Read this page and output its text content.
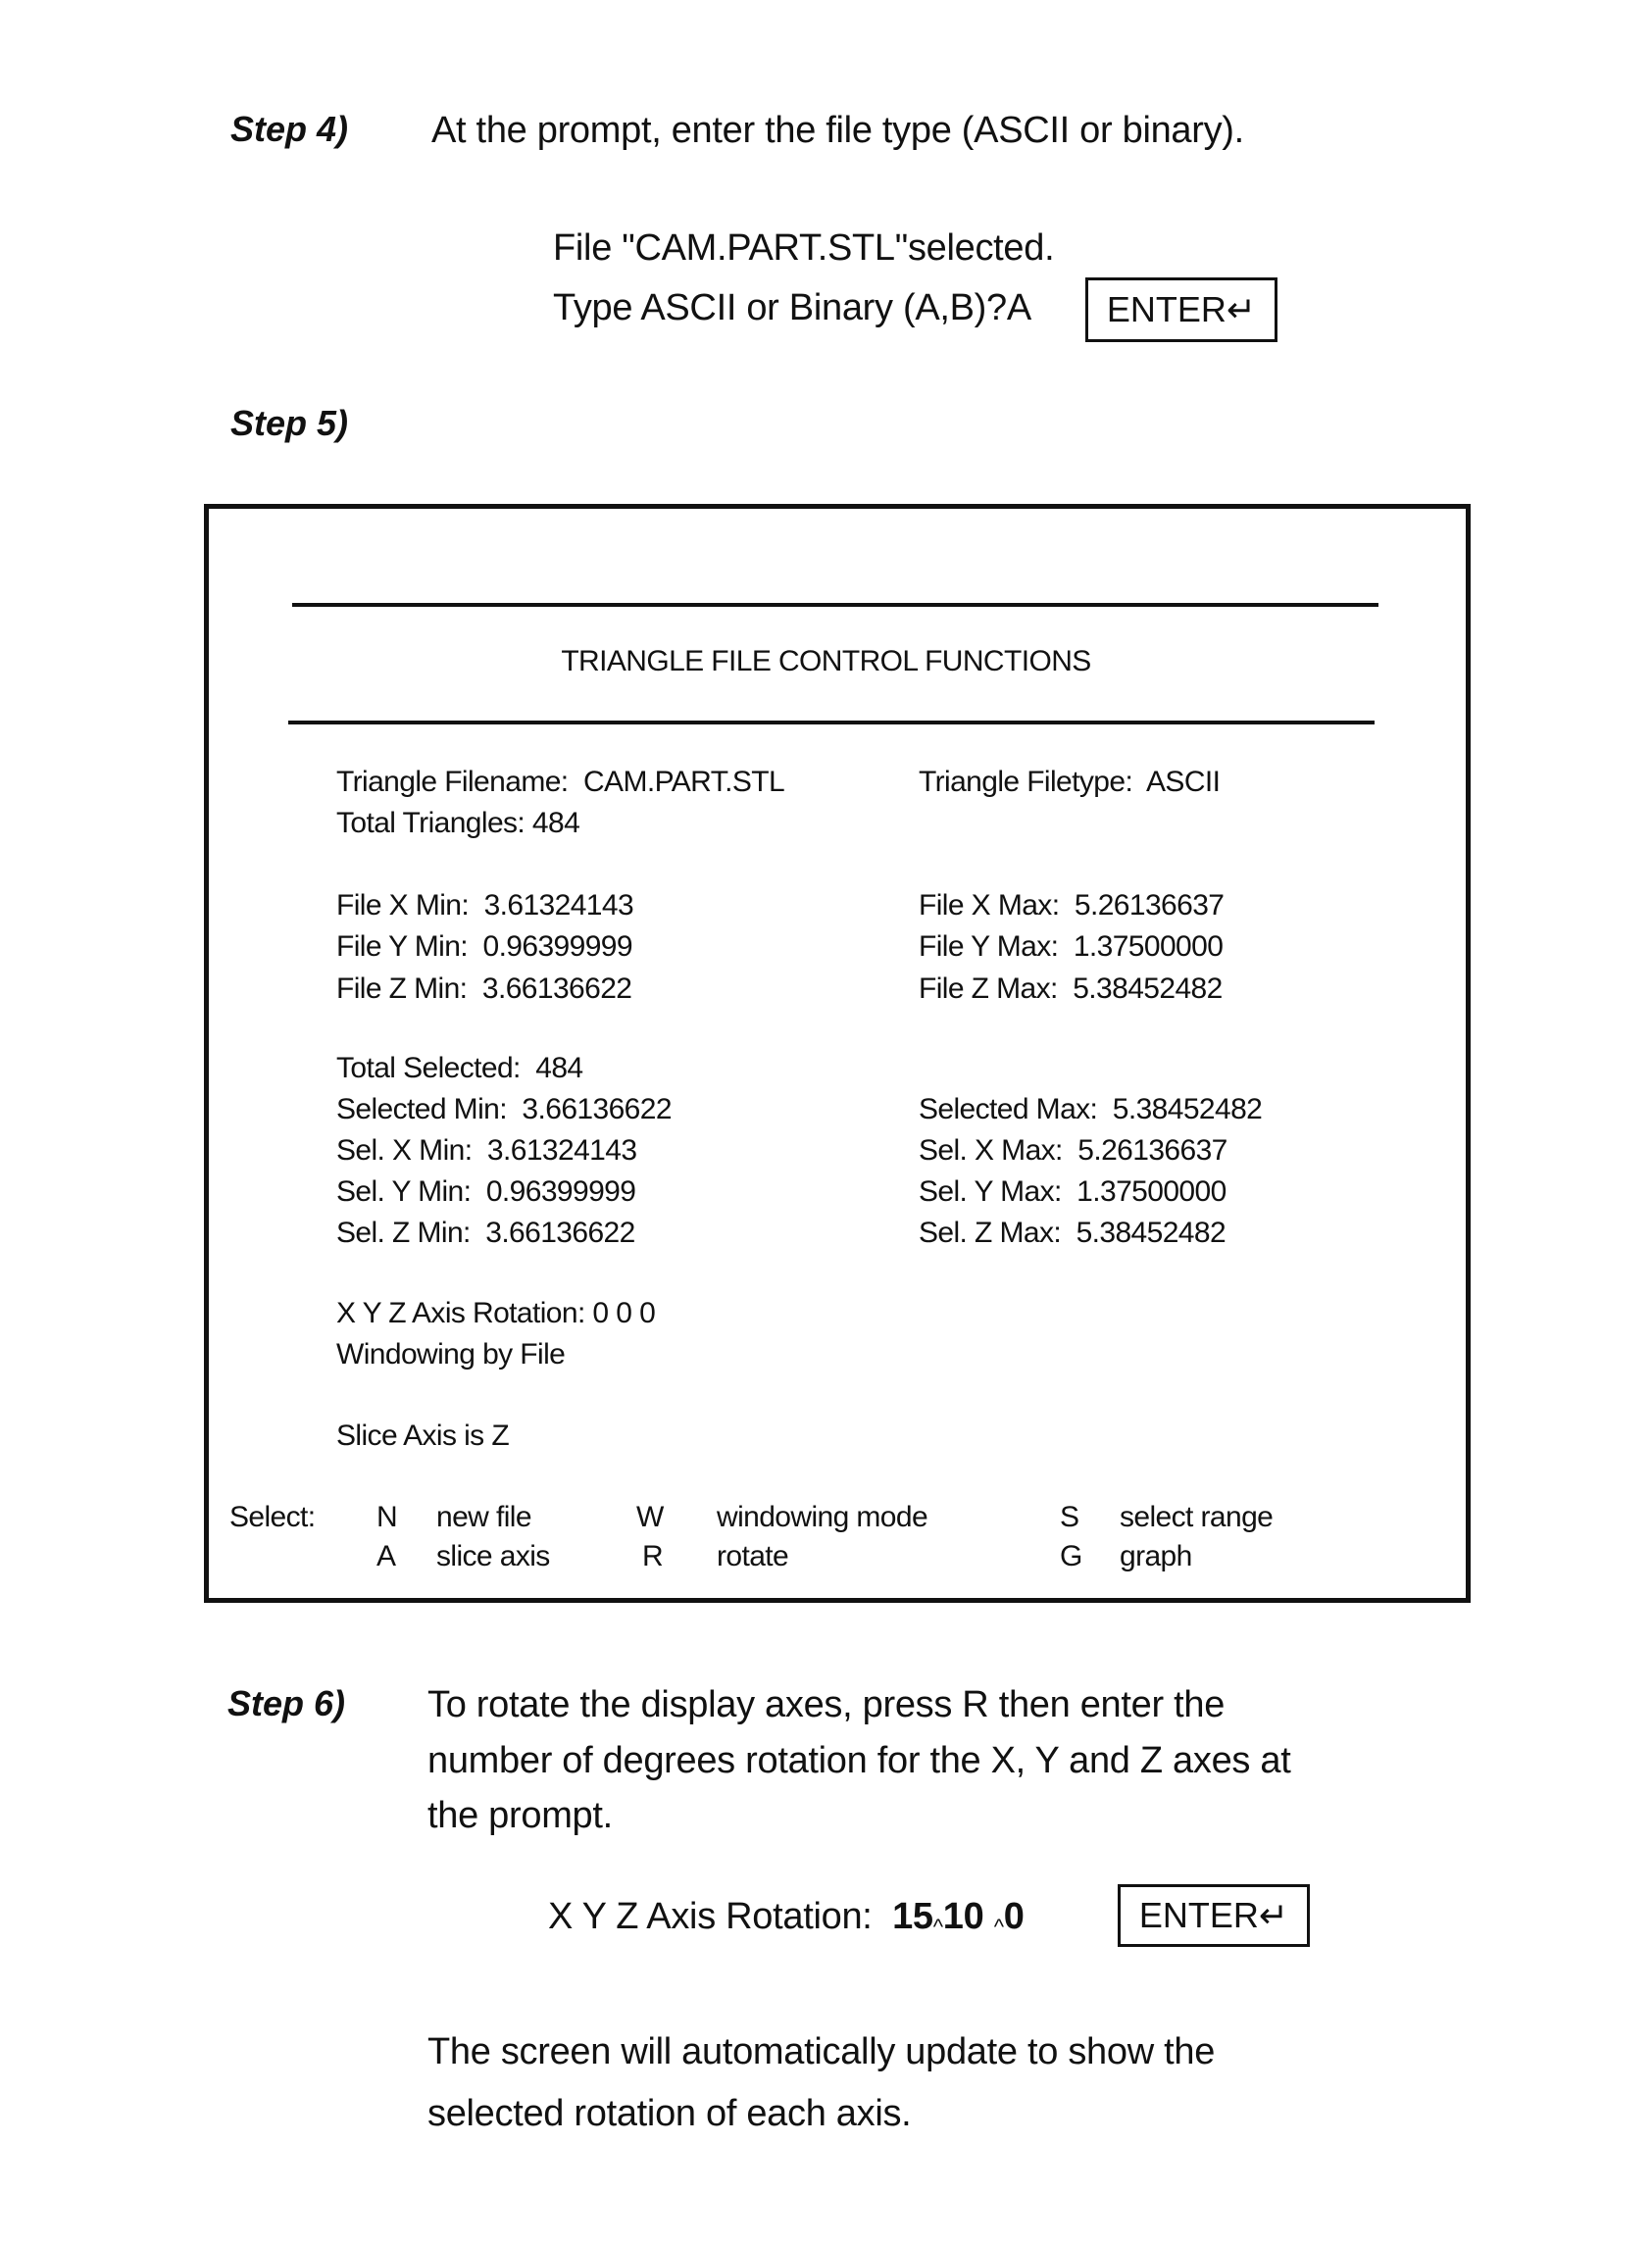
Step 4) At the prompt, enter the file type (ASCII or binary).
File "CAM.PART.STL"selected.
Type ASCII or Binary (A,B)?A ENTER ↵
Step 5)
TRIANGLE FILE CONTROL FUNCTIONS
Triangle Filename:  CAM.PART.STL
Total Triangles: 484
File X Min:  3.61324143
File Y Min:  0.96399999
File Z Min:  3.66136622
Total Selected:  484
Selected Min:  3.66136622
Sel. X Min:  3.61324143
Sel. Y Min:  0.96399999
Sel. Z Min:  3.66136622
X Y Z Axis Rotation: 0 0 0
Windowing by File
Slice Axis is Z
Triangle Filetype:  ASCII
File X Max:  5.26136637
File Y Max:  1.37500000
File Z Max:  5.38452482
Selected Max:  5.38452482
Sel. X Max:  5.26136637
Sel. Y Max:  1.37500000
Sel. Z Max:  5.38452482
Select: N new file	W windowing mode	S select range
A slice axis	R rotate	G graph
Step 6) To rotate the display axes, press R then enter the
number of degrees rotation for the X, Y and Z axes at
the prompt.
X Y Z Axis Rotation:  15^10 ^0	ENTER ↵
The screen will automatically update to show the
selected rotation of each axis.
